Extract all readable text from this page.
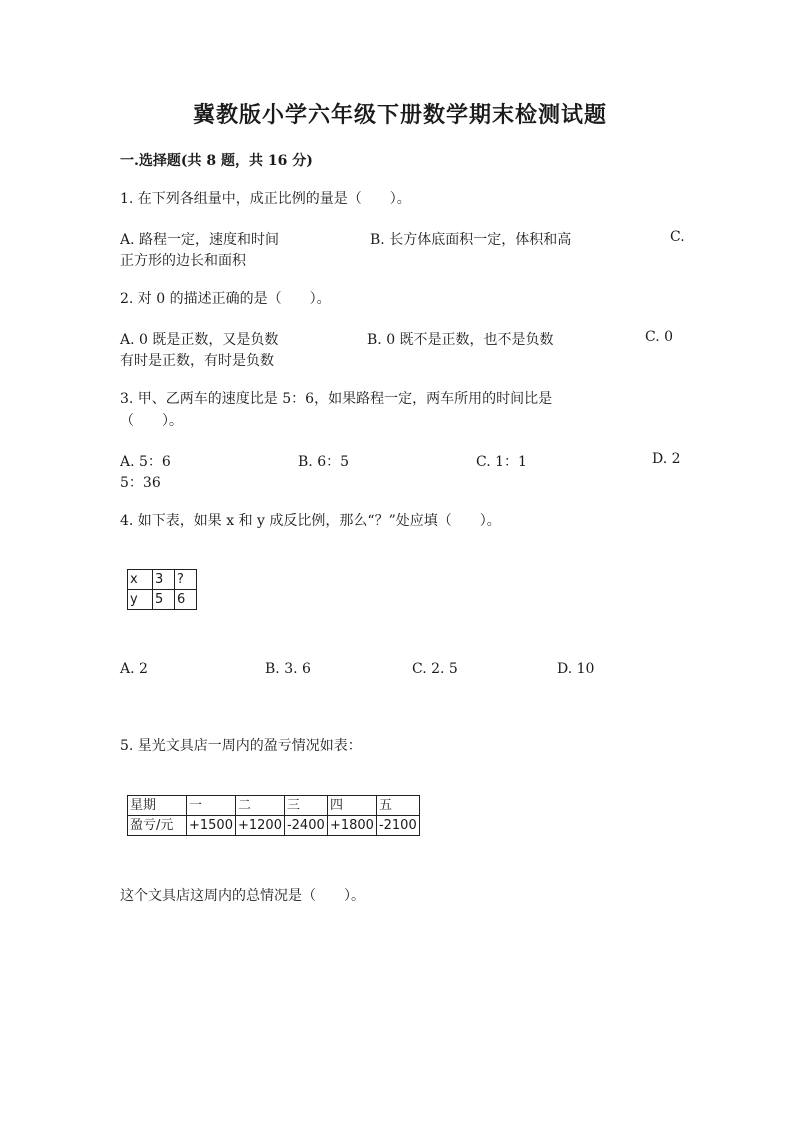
冀教版小学六年级下册数学期末检测试题
一.选择题(共 8 题，共 16 分)
1. 在下列各组量中，成正比例的量是（　　）。
A. 路程一定，速度和时间	B. 长方体底面积一定，体积和高	C.
正方形的边长和面积
2. 对 0 的描述正确的是（　　）。
A. 0 既是正数，又是负数	B. 0 既不是正数，也不是负数	C. 0
有时是正数，有时是负数
3. 甲、乙两车的速度比是 5：6，如果路程一定，两车所用的时间比是
（　　）。
A. 5：6	B. 6：5	C. 1：1	D. 2
5：36
4. 如下表，如果 x 和 y 成反比例，那么“？”处应填（　　）。
x	3	?
y	5	6
A. 2	B. 3. 6	C. 2. 5	D. 10
5. 星光文具店一周内的盈亏情况如表：
星期	一	二	三	四	五
盈亏/元	+1500	+1200	-2400	+1800	-2100
这个文具店这周内的总情况是（　　）。
